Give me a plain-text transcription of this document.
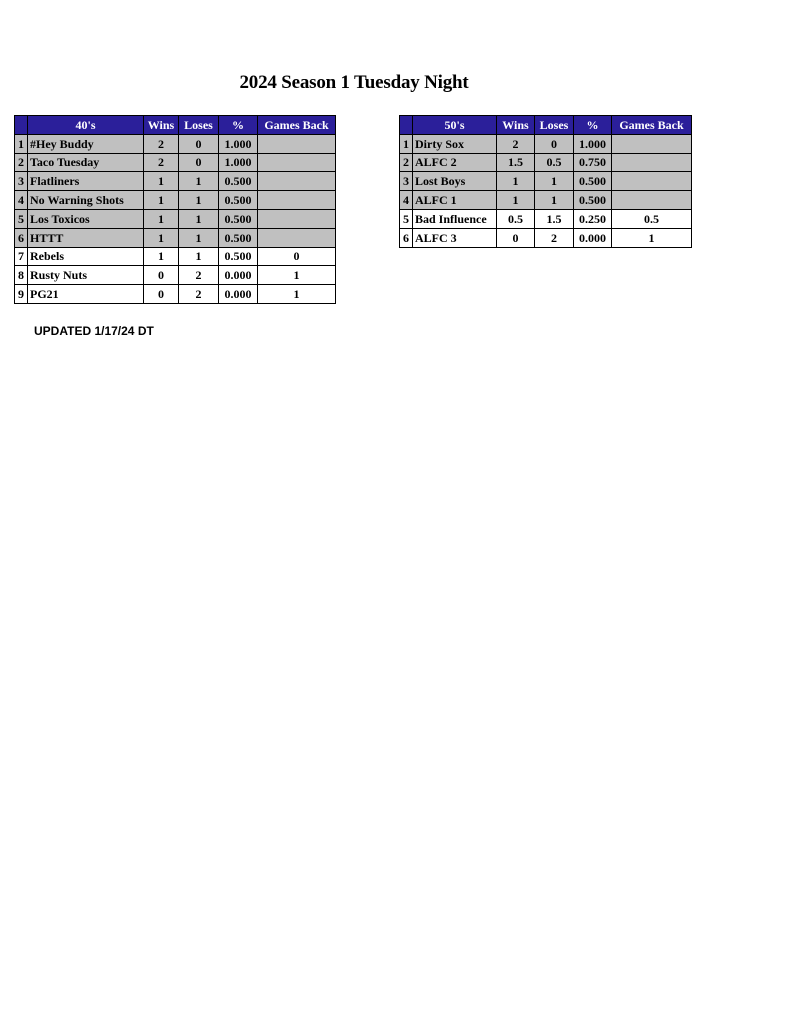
2024 Season 1 Tuesday Night
	40's	Wins	Loses	%	Games Back
1	#Hey Buddy	2	0	1.000	
2	Taco Tuesday	2	0	1.000	
3	Flatliners	1	1	0.500	
4	No Warning Shots	1	1	0.500	
5	Los Toxicos	1	1	0.500	
6	HTTT	1	1	0.500	
7	Rebels	1	1	0.500	0
8	Rusty Nuts	0	2	0.000	1
9	PG21	0	2	0.000	1
	50's	Wins	Loses	%	Games Back
1	Dirty Sox	2	0	1.000	
2	ALFC 2	1.5	0.5	0.750	
3	Lost Boys	1	1	0.500	
4	ALFC 1	1	1	0.500	
5	Bad Influence	0.5	1.5	0.250	0.5
6	ALFC 3	0	2	0.000	1
UPDATED 1/17/24 DT
